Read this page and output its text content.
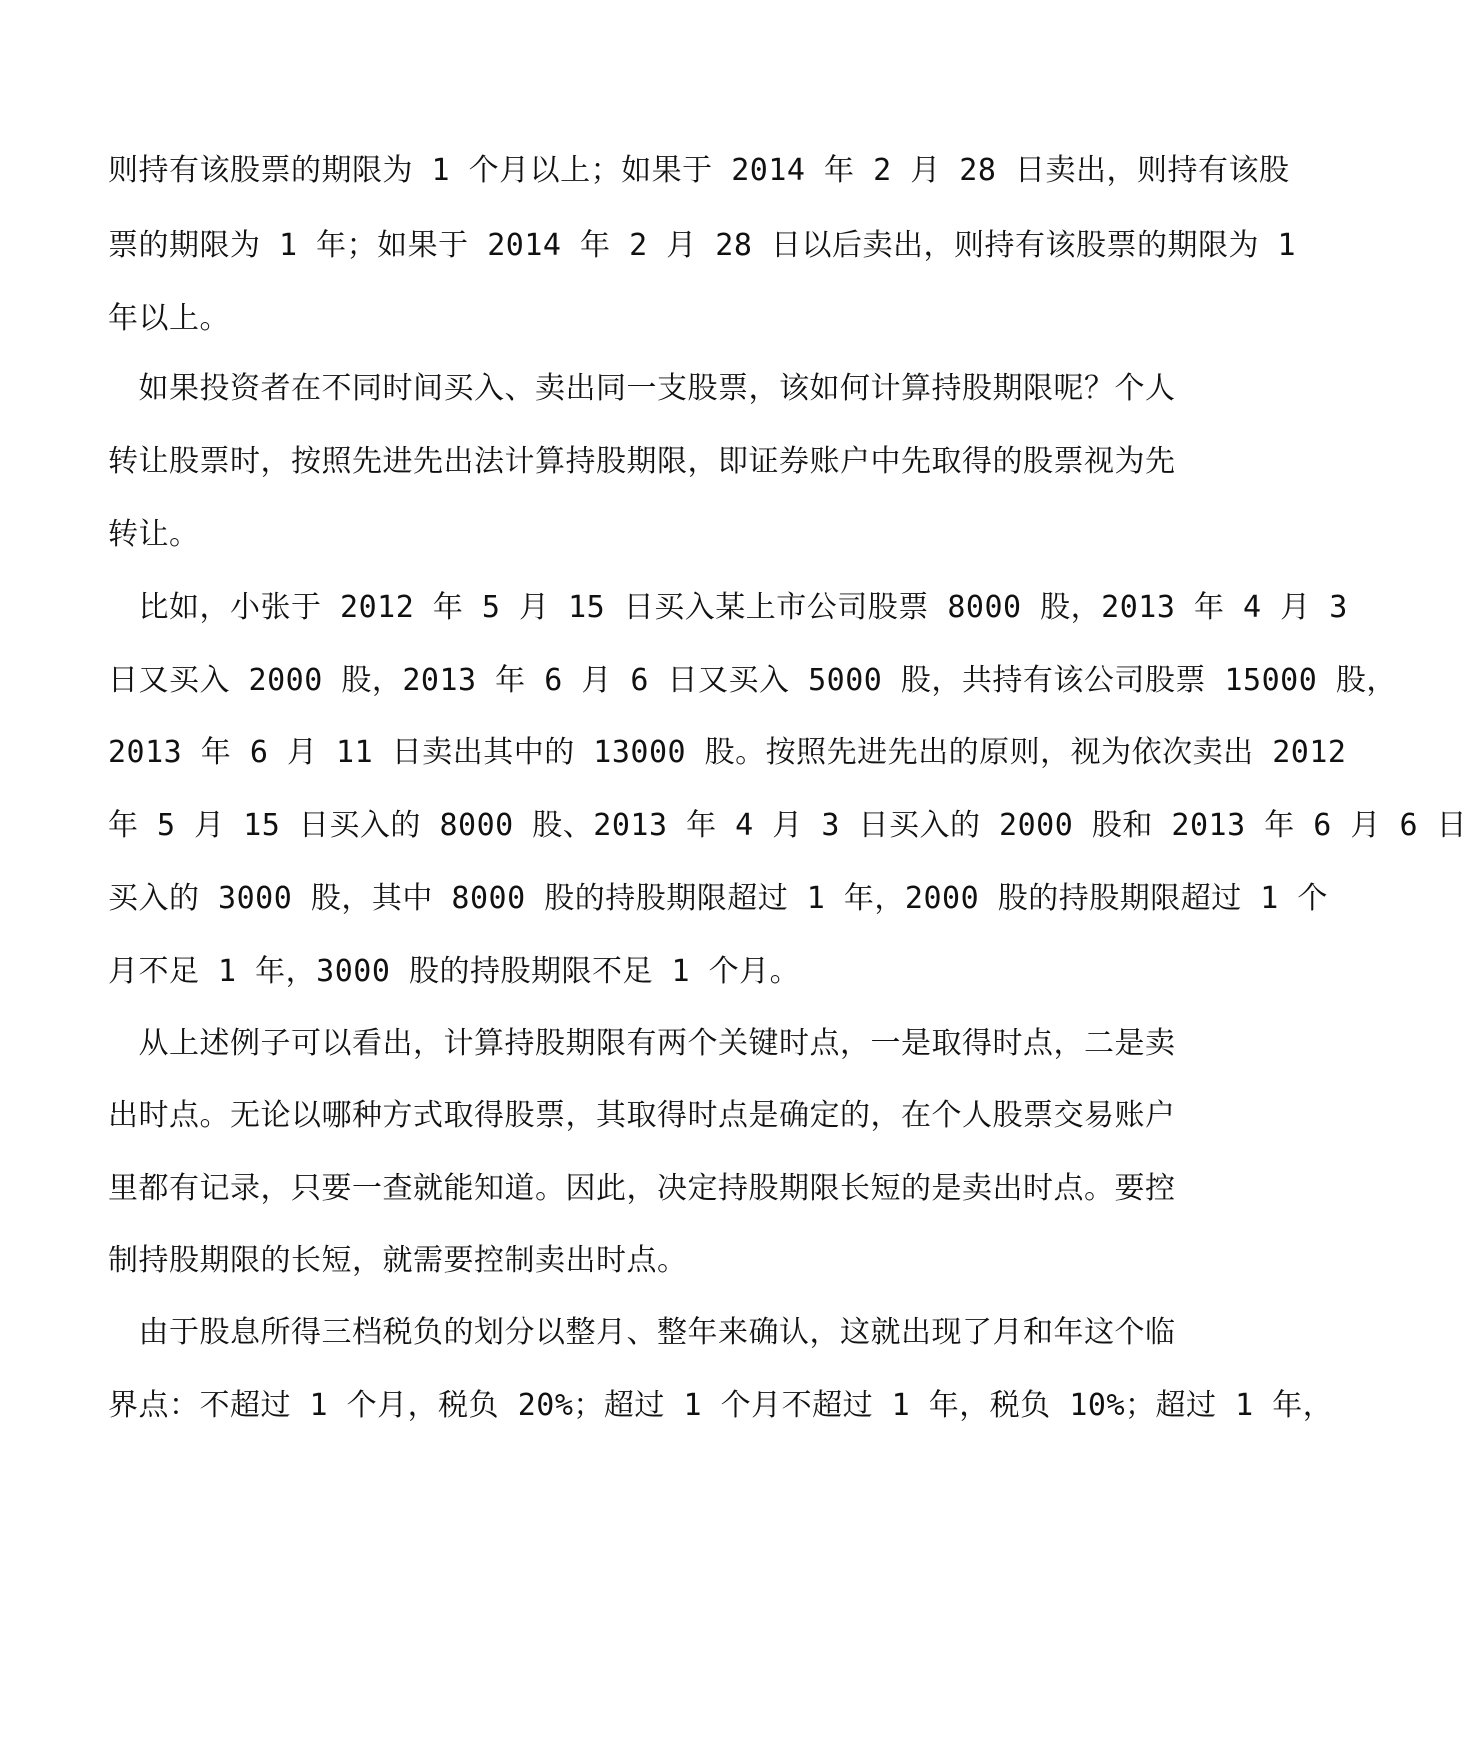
则持有该股票的期限为 1 个月以上；如果于 2014 年 2 月 28 日卖出，则持有该股
票的期限为 1 年；如果于 2014 年 2 月 28 日以后卖出，则持有该股票的期限为 1
年以上。
　如果投资者在不同时间买入、卖出同一支股票，该如何计算持股期限呢？个人
转让股票时，按照先进先出法计算持股期限，即证券账户中先取得的股票视为先
转让。
　比如，小张于 2012 年 5 月 15 日买入某上市公司股票 8000 股，2013 年 4 月 3
日又买入 2000 股，2013 年 6 月 6 日又买入 5000 股，共持有该公司股票 15000 股，
2013 年 6 月 11 日卖出其中的 13000 股。按照先进先出的原则，视为依次卖出 2012
年 5 月 15 日买入的 8000 股、2013 年 4 月 3 日买入的 2000 股和 2013 年 6 月 6 日
买入的 3000 股，其中 8000 股的持股期限超过 1 年，2000 股的持股期限超过 1 个
月不足 1 年，3000 股的持股期限不足 1 个月。
　从上述例子可以看出，计算持股期限有两个关键时点，一是取得时点，二是卖
出时点。无论以哪种方式取得股票，其取得时点是确定的，在个人股票交易账户
里都有记录，只要一查就能知道。因此，决定持股期限长短的是卖出时点。要控
制持股期限的长短，就需要控制卖出时点。
　由于股息所得三档税负的划分以整月、整年来确认，这就出现了月和年这个临
界点：不超过 1 个月，税负 20%；超过 1 个月不超过 1 年，税负 10%；超过 1 年，
